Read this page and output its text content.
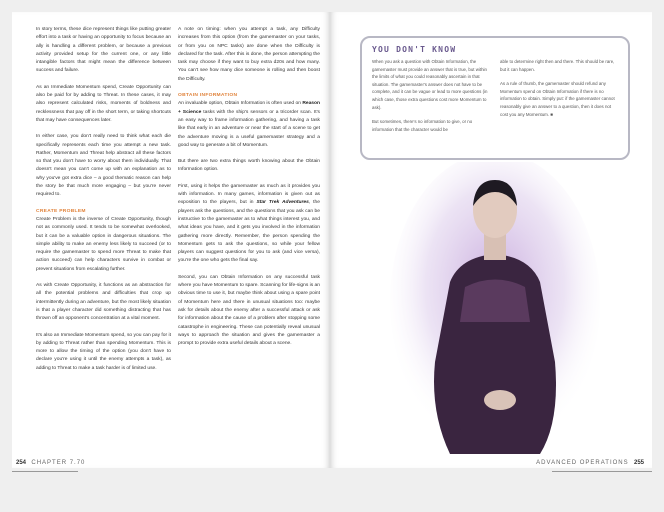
In story terms, these dice represent things like putting greater effort into a task or having an opportunity to focus because an ally is handling a different problem, or because a previous activity provided setup for the current one, or any little intangible factors that might mean the difference between success and failure.

As an Immediate Momentum spend, Create Opportunity can also be paid for by adding to Threat. In these cases, it may also represent calculated risks, moments of boldness and recklessness that pay off in the short term, or taking shortcuts that may have consequences later.

In either case, you don't really need to think what each die specifically represents each time you attempt a new task. Rather, Momentum and Threat help abstract all these factors so that you don't have to worry about them individually. That doesn't mean you can't come up with an explanation as to why you've got extra dice – a good thematic reason can help the story be that much more engaging – but you're never required to.

CREATE PROBLEM
Create Problem is the inverse of Create Opportunity, though not as commonly used. It tends to be somewhat overlooked, but it can be a valuable option in dangerous situations. The simple ability to make an enemy less likely to succeed (or to require the gamemaster to spend more Threat to make that action succeed) can help characters survive in combat or prevent situations from escalating further.

As with Create Opportunity, it functions as an abstraction for all the potential problems and difficulties that crop up intermittently during an adventure, but the most likely situation is that a player character did something distracting that has thrown off an opponent's concentration at a vital moment.

It's also an Immediate Momentum spend, so you can pay for it by adding to Threat rather than spending Momentum. This is more to allow the timing of the option (you don't have to declare you're using it until the enemy attempts a task), as adding to Threat to make a task harder is of limited use.

A note on timing: when you attempt a task, any Difficulty increases from this option (from the gamemaster on your tasks, or from you on NPC tasks) are done when the Difficulty is declared for the task. After this is done, the person attempting the task may choose if they want to buy extra d20s and how many. You can't see how many dice someone is rolling and then boost the Difficulty.

OBTAIN INFORMATION
An invaluable option, Obtain Information is often used on Reason + Science tasks with the ship's sensors or a tricorder scan. It's an easy way to frame information gathering, and having a task like that early in an adventure or near the start of a scene to get the adventure moving is a useful gamemaster strategy and a good way to generate a bit of Momentum.

But there are two extra things worth knowing about the Obtain Information option.

First, using it helps the gamemaster as much as it provides you with information. In many games, information is given out as exposition to the players, but in Star Trek Adventures, the players ask the questions, and the questions that you ask can be instructive to the gamemaster as to what things interest you, and what ideas you have, and it gets you involved in the information gathering more directly. Remember, the person spending the Momentum gets to ask the questions, so while your fellow players can suggest questions for you to ask (and vice versa), you're the one who gets the final say.

Second, you can Obtain Information on any successful task where you have Momentum to spare. Scanning for life-signs is an obvious time to use it, but maybe think about using a spare point of Momentum here and there in unusual situations too: maybe ask for details about the enemy after a successful attack or ask for information about the cause of a problem after stopping some catastrophe in engineering. These can potentially reveal unusual ways to approach the situation and gives the gamemaster a prompt to provide extra useful details about a scene.

254 CHAPTER 7.70
YOU DON'T KNOW

When you ask a question with Obtain Information, the gamemaster must provide an answer that is true, but within the limits of what you could reasonably ascertain in that situation. The gamemaster's answer does not have to be complete, and it can be vague or lead to more questions (in which case, those extra questions cost more Momentum to ask).

But sometimes, there's no information to give, or no information that the character would be

able to determine right then and there. This should be rare, but it can happen.

As a rule of thumb, the gamemaster should refund any Momentum spend on Obtain Information if there is no information to obtain. Simply put: if the gamemaster cannot reasonably give an answer to a question, then it does not cost you any Momentum. ■

ADVANCED OPERATIONS 255
